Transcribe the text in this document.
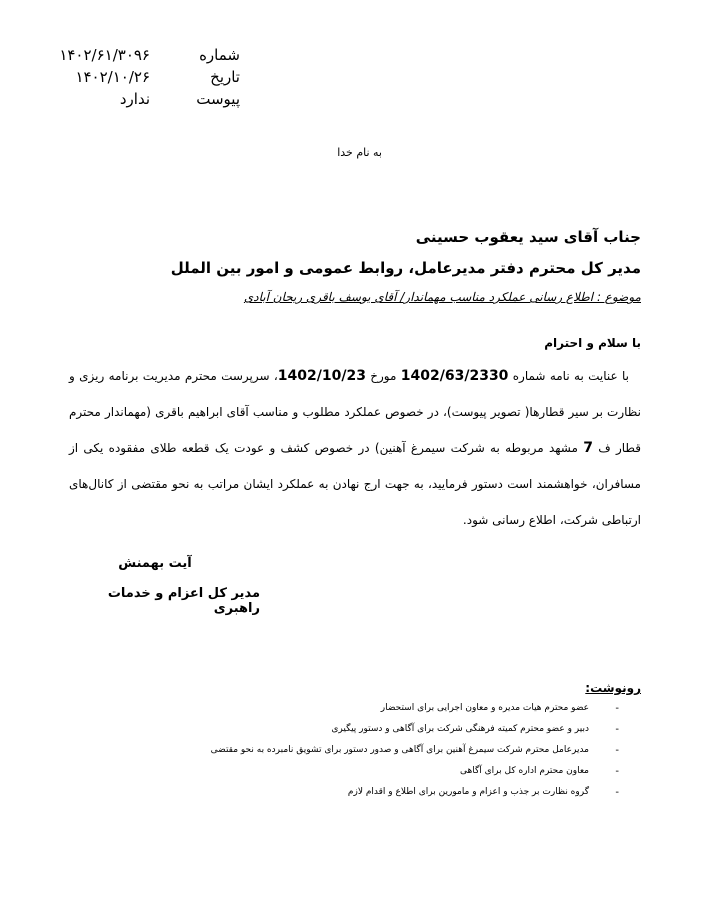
شماره
تاریخ
پیوست
۱۴۰۲/۶۱/۳۰۹۶
۱۴۰۲/۱۰/۲۶
ندارد
به نام خدا
جناب آقای سید یعقوب حسینی
مدیر کل محترم دفتر مدیرعامل، روابط عمومی و امور بین الملل
موضوع : اطلاع رسانی عملکرد مناسب مهماندار/ آقای یوسف باقری ریحان آبادی
با سلام و احترام
با عنایت به نامه شماره 1402/63/2330 مورخ 1402/10/23، سرپرست محترم مدیریت برنامه ریزی و نظارت بر سیر قطارها( تصویر پیوست)، در خصوص عملکرد مطلوب و مناسب آقای ابراهیم باقری (مهماندار محترم قطار ف 7 مشهد مربوطه به شرکت سیمرغ آهنین) در خصوص کشف و عودت یک قطعه طلای مفقوده یکی از مسافران، خواهشمند است دستور فرمایید، به جهت ارج نهادن به عملکرد ایشان مراتب به نحو مقتضی از کانال‌های ارتباطی شرکت، اطلاع رسانی شود.
آیت بهمنش
مدیر کل اعزام و خدمات راهبری
رونوشت:
-
عضو محترم هیات مدیره و معاون اجرایی برای استحضار
-
دبیر و عضو محترم کمیته فرهنگی شرکت برای آگاهی و دستور پیگیری
-
مدیرعامل محترم شرکت سیمرغ آهنین برای آگاهی و صدور دستور برای تشویق نامبرده به نحو مقتضی
-
معاون محترم اداره کل برای آگاهی
-
گروه نظارت بر جذب و اعزام و مامورین برای اطلاع و اقدام لازم
